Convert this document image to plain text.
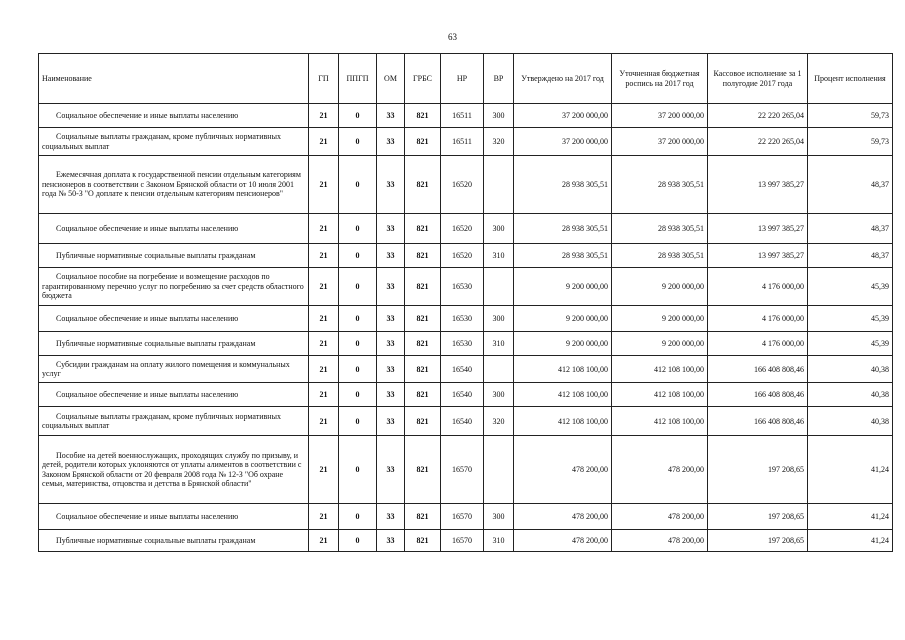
63
Наименование	ГП	ППГП	ОМ	ГРБС	НР	ВР	Утверждено на 2017 год	Уточненная бюджетная роспись на 2017 год	Кассовое исполнение за 1 полугодие 2017 года	Процент исполнения
Социальное обеспечение и иные выплаты населению	21	0	33	821	16511	300	37 200 000,00	37 200 000,00	22 220 265,04	59,73
Социальные выплаты гражданам, кроме публичных нормативных социальных выплат	21	0	33	821	16511	320	37 200 000,00	37 200 000,00	22 220 265,04	59,73
Ежемесячная доплата к государственной пенсии отдельным категориям пенсионеров в соответствии с Законом Брянской области от 10 июля 2001 года № 50-З "О доплате к пенсии отдельным категориям пенсионеров"	21	0	33	821	16520		28 938 305,51	28 938 305,51	13 997 385,27	48,37
Социальное обеспечение и иные выплаты населению	21	0	33	821	16520	300	28 938 305,51	28 938 305,51	13 997 385,27	48,37
Публичные нормативные социальные выплаты гражданам	21	0	33	821	16520	310	28 938 305,51	28 938 305,51	13 997 385,27	48,37
Социальное пособие на погребение и возмещение расходов по гарантированному перечню услуг по погребению за счет средств областного бюджета	21	0	33	821	16530		9 200 000,00	9 200 000,00	4 176 000,00	45,39
Социальное обеспечение и иные выплаты населению	21	0	33	821	16530	300	9 200 000,00	9 200 000,00	4 176 000,00	45,39
Публичные нормативные социальные выплаты гражданам	21	0	33	821	16530	310	9 200 000,00	9 200 000,00	4 176 000,00	45,39
Субсидии гражданам на оплату жилого помещения и коммунальных услуг	21	0	33	821	16540		412 108 100,00	412 108 100,00	166 408 808,46	40,38
Социальное обеспечение и иные выплаты населению	21	0	33	821	16540	300	412 108 100,00	412 108 100,00	166 408 808,46	40,38
Социальные выплаты гражданам, кроме публичных нормативных социальных выплат	21	0	33	821	16540	320	412 108 100,00	412 108 100,00	166 408 808,46	40,38
Пособие на детей военнослужащих, проходящих службу по призыву, и детей, родители которых уклоняются от уплаты алиментов в соответствии с Законом Брянской области от 20 февраля 2008 года № 12-З "Об охране семьи, материнства, отцовства и детства в Брянской области"	21	0	33	821	16570		478 200,00	478 200,00	197 208,65	41,24
Социальное обеспечение и иные выплаты населению	21	0	33	821	16570	300	478 200,00	478 200,00	197 208,65	41,24
Публичные нормативные социальные выплаты гражданам	21	0	33	821	16570	310	478 200,00	478 200,00	197 208,65	41,24
